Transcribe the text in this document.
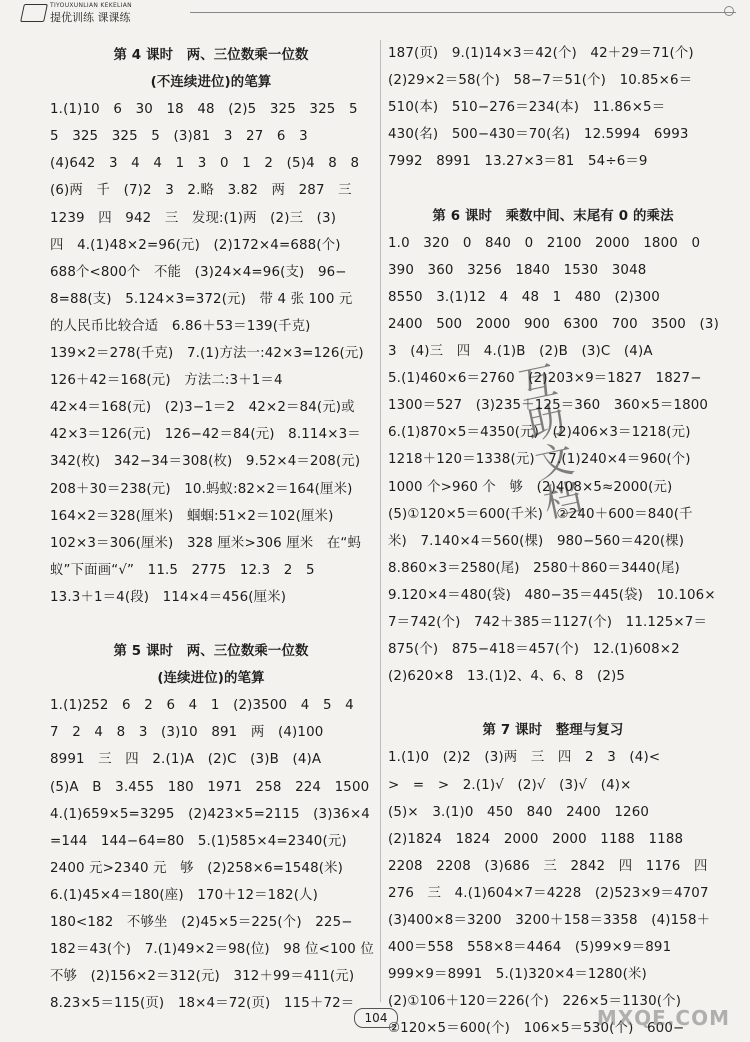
TIYOUXUNLIAN KEKELIAN
提优训练 课课练
第 4 课时　两、三位数乘一位数
(不连续进位)的笔算
1.(1)10　6　30　18　48　(2)5　325　325　5
5　325　325　5　(3)81　3　27　6　3
(4)642　3　4　4　1　3　0　1　2　(5)4　8　8
(6)两　千　(7)2　3　2.略　3.82　两　287　三
1239　四　942　三　发现:(1)两　(2)三　(3)
四　4.(1)48×2=96(元)　(2)172×4=688(个)
688个<800个　不能　(3)24×4=96(支)　96−
8=88(支)　5.124×3=372(元)　带 4 张 100 元
的人民币比较合适　6.86＋53＝139(千克)
139×2＝278(千克)　7.(1)方法一:42×3=126(元)
126＋42＝168(元)　方法二:3＋1＝4
42×4＝168(元)　(2)3−1＝2　42×2＝84(元)或
42×3＝126(元)　126−42＝84(元)　8.114×3＝
342(枚)　342−34＝308(枚)　9.52×4＝208(元)
208＋30＝238(元)　10.蚂蚁:82×2＝164(厘米)
164×2＝328(厘米)　蝈蝈:51×2＝102(厘米)
102×3＝306(厘米)　328 厘米>306 厘米　在“蚂
蚁”下面画“√”　11.5　2775　12.3　2　5
13.3＋1＝4(段)　114×4＝456(厘米)
第 5 课时　两、三位数乘一位数
(连续进位)的笔算
1.(1)252　6　2　6　4　1　(2)3500　4　5　4
7　2　4　8　3　(3)10　891　两　(4)100
8991　三　四　2.(1)A　(2)C　(3)B　(4)A
(5)A　B　3.455　180　1971　258　224　1500
4.(1)659×5=3295　(2)423×5=2115　(3)36×4
=144　144−64=80　5.(1)585×4=2340(元)
2400 元>2340 元　够　(2)258×6=1548(米)
6.(1)45×4＝180(座)　170＋12＝182(人)
180<182　不够坐　(2)45×5＝225(个)　225−
182＝43(个)　7.(1)49×2＝98(位)　98 位<100 位
不够　(2)156×2＝312(元)　312＋99＝411(元)
8.23×5＝115(页)　18×4＝72(页)　115＋72＝
187(页)　9.(1)14×3＝42(个)　42＋29＝71(个)
(2)29×2＝58(个)　58−7＝51(个)　10.85×6＝
510(本)　510−276＝234(本)　11.86×5＝
430(名)　500−430＝70(名)　12.5994　6993
7992　8991　13.27×3＝81　54÷6＝9
第 6 课时　乘数中间、末尾有 0 的乘法
1.0　320　0　840　0　2100　2000　1800　0
390　360　3256　1840　1530　3048
8550　3.(1)12　4　48　1　480　(2)300
2400　500　2000　900　6300　700　3500　(3)
3　(4)三　四　4.(1)B　(2)B　(3)C　(4)A
5.(1)460×6＝2760　(2)203×9＝1827　1827−
1300＝527　(3)235＋125＝360　360×5＝1800
6.(1)870×5＝4350(元)　(2)406×3＝1218(元)
1218＋120＝1338(元)　7.(1)240×4＝960(个)
1000 个>960 个　够　(2)408×5≈2000(元)
(5)①120×5＝600(千米)　②240＋600＝840(千
米)　7.140×4＝560(棵)　980−560＝420(棵)
8.860×3＝2580(尾)　2580＋860＝3440(尾)
9.120×4＝480(袋)　480−35＝445(袋)　10.106×
7＝742(个)　742＋385＝1127(个)　11.125×7＝
875(个)　875−418＝457(个)　12.(1)608×2
(2)620×8　13.(1)2、4、6、8　(2)5
第 7 课时　整理与复习
1.(1)0　(2)2　(3)两　三　四　2　3　(4)<
>　=　>　2.(1)√　(2)√　(3)√　(4)×
(5)×　3.(1)0　450　840　2400　1260
(2)1824　1824　2000　2000　1188　1188
2208　2208　(3)686　三　2842　四　1176　四
276　三　4.(1)604×7＝4228　(2)523×9＝4707
(3)400×8＝3200　3200＋158＝3358　(4)158＋
400＝558　558×8＝4464　(5)99×9＝891
999×9＝8991　5.(1)320×4＝1280(米)
(2)①106＋120＝226(个)　226×5＝1130(个)
②120×5＝600(个)　106×5＝530(个)　600−
互助文档
104	MXQE.COM
